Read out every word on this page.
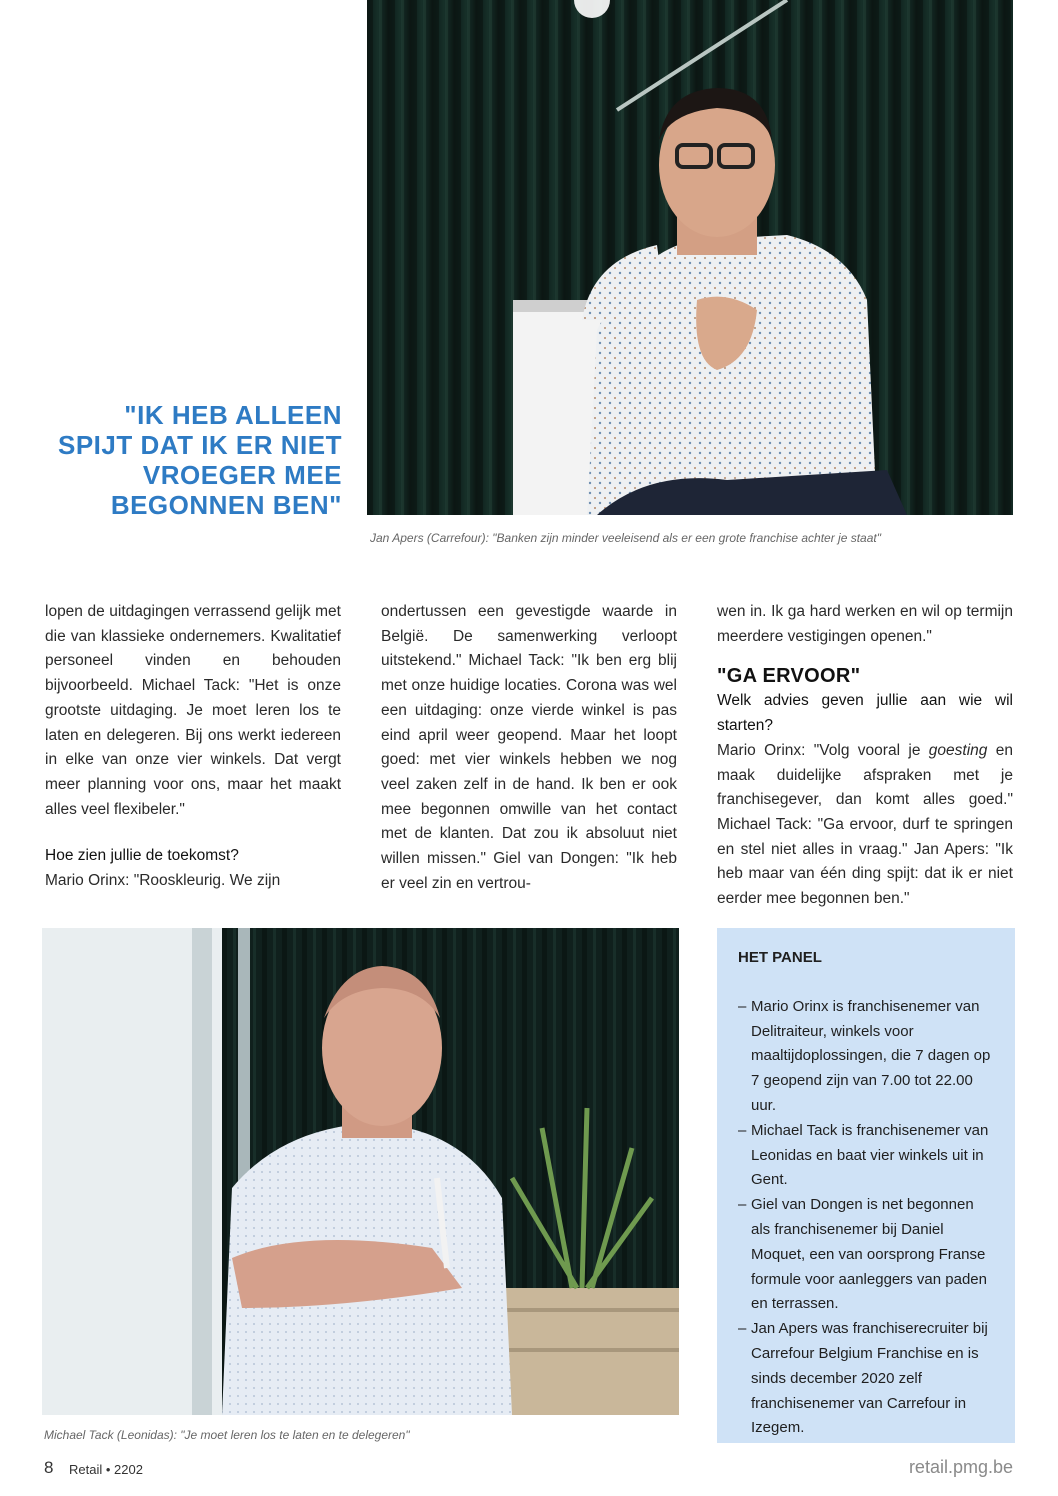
"IK HEB ALLEEN
SPIJT DAT IK ER NIET
VROEGER MEE
BEGONNEN BEN"
Jan Apers (Carrefour): "Banken zijn minder veeleisend als er een grote franchise achter je staat"

lopen de uitdagingen verrassend gelijk met die van klassieke ondernemers. Kwalitatief personeel vinden en behouden bijvoorbeeld. Michael Tack: "Het is onze grootste uitdaging. Je moet leren los te laten en delegeren. Bij ons werkt iedereen in elke van onze vier winkels. Dat vergt meer planning voor ons, maar het maakt alles veel flexibeler."

Hoe zien jullie de toekomst?

Mario Orinx: "Rooskleurig. We zijn

ondertussen een gevestigde waarde in België. De samenwerking verloopt uitstekend." Michael Tack: "Ik ben erg blij met onze huidige locaties. Corona was wel een uitdaging: onze vierde winkel is pas eind april weer geopend. Maar het loopt goed: met vier winkels hebben we nog veel zaken zelf in de hand. Ik ben er ook mee begonnen omwille van het contact met de klanten. Dat zou ik absoluut niet willen missen." Giel van Dongen: "Ik heb er veel zin en vertrou-

wen in. Ik ga hard werken en wil op termijn meerdere vestigingen openen."

"GA ERVOOR"

Welk advies geven jullie aan wie wil starten?

Mario Orinx: "Volg vooral je goesting en maak duidelijke afspraken met je franchisegever, dan komt alles goed." Michael Tack: "Ga ervoor, durf te springen en stel niet alles in vraag." Jan Apers: "Ik heb maar van één ding spijt: dat ik er niet eerder mee begonnen ben."

Michael Tack (Leonidas): "Je moet leren los te laten en te delegeren"
HET PANEL
– Mario Orinx is franchisenemer van Delitraiteur, winkels voor maaltijdoplossingen, die 7 dagen op 7 geopend zijn van 7.00 tot 22.00 uur.
– Michael Tack is franchisenemer van Leonidas en baat vier winkels uit in Gent.
– Giel van Dongen is net begonnen als franchisenemer bij Daniel Moquet, een van oorsprong Franse formule voor aanleggers van paden en terrassen.
– Jan Apers was franchiserecruiter bij Carrefour Belgium Franchise en is sinds december 2020 zelf franchisenemer van Carrefour in Izegem.
8 Retail • 2202	retail.pmg.be
